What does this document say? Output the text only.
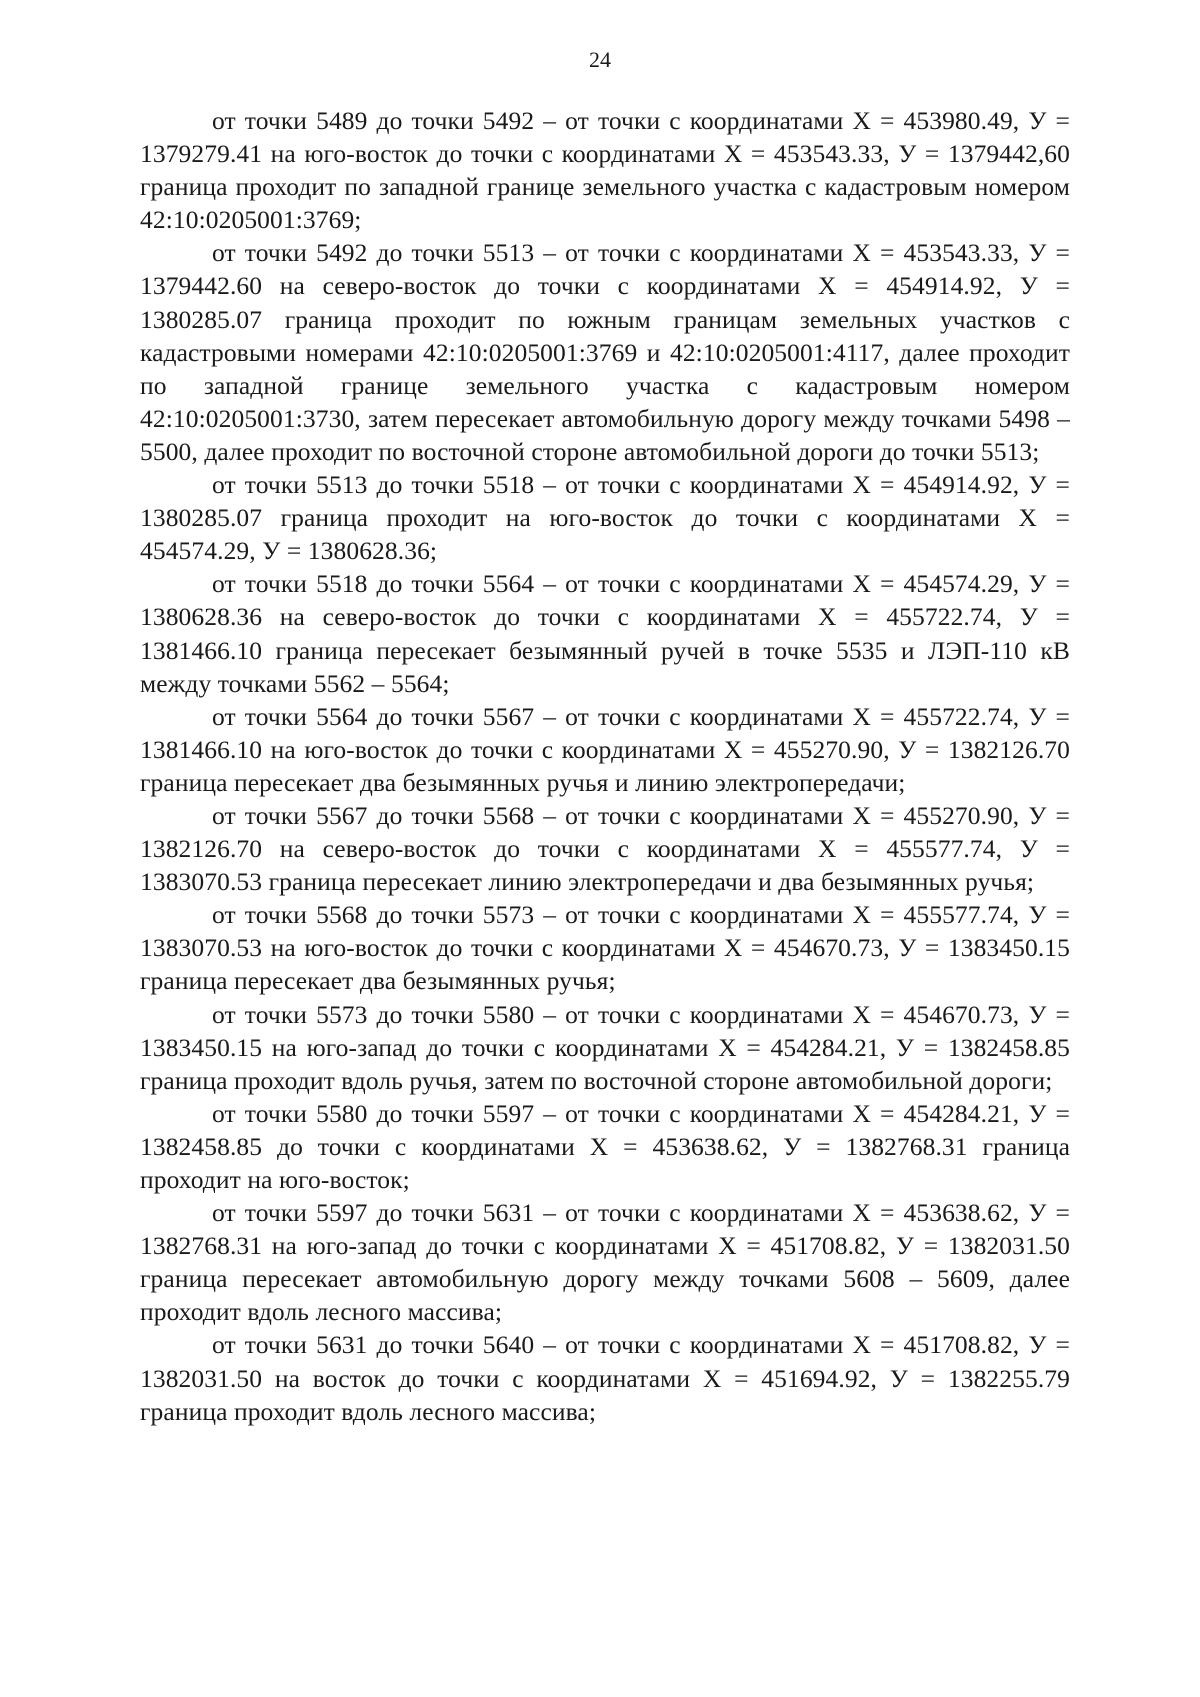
24

от точки 5489 до точки 5492 – от точки с координатами Х = 453980.49, У = 1379279.41 на юго-восток до точки с координатами Х = 453543.33, У = 1379442,60 граница проходит по западной границе земельного участка с кадастровым номером 42:10:0205001:3769;

от точки 5492 до точки 5513 – от точки с координатами Х = 453543.33, У = 1379442.60 на северо-восток до точки с координатами Х = 454914.92, У = 1380285.07 граница проходит по южным границам земельных участков с кадастровыми номерами 42:10:0205001:3769 и 42:10:0205001:4117, далее проходит по западной границе земельного участка с кадастровым номером 42:10:0205001:3730, затем пересекает автомобильную дорогу между точками 5498 – 5500, далее проходит по восточной стороне автомобильной дороги до точки 5513;

от точки 5513 до точки 5518 – от точки с координатами Х = 454914.92, У = 1380285.07 граница проходит на юго-восток до точки с координатами Х = 454574.29, У = 1380628.36;

от точки 5518 до точки 5564 – от точки с координатами Х = 454574.29, У = 1380628.36 на северо-восток до точки с координатами Х = 455722.74, У = 1381466.10 граница пересекает безымянный ручей в точке 5535 и ЛЭП-110 кВ между точками 5562 – 5564;

от точки 5564 до точки 5567 – от точки с координатами Х = 455722.74, У = 1381466.10 на юго-восток до точки с координатами Х = 455270.90, У = 1382126.70 граница пересекает два безымянных ручья и линию электропередачи;

от точки 5567 до точки 5568 – от точки с координатами Х = 455270.90, У = 1382126.70 на северо-восток до точки с координатами Х = 455577.74, У = 1383070.53 граница пересекает линию электропередачи и два безымянных ручья;

от точки 5568 до точки 5573 – от точки с координатами Х = 455577.74, У = 1383070.53 на юго-восток до точки с координатами Х = 454670.73, У = 1383450.15 граница пересекает два безымянных ручья;

от точки 5573 до точки 5580 – от точки с координатами Х = 454670.73, У = 1383450.15 на юго-запад до точки с координатами Х = 454284.21, У = 1382458.85 граница проходит вдоль ручья, затем по восточной стороне автомобильной дороги;

от точки 5580 до точки 5597 – от точки с координатами Х = 454284.21, У = 1382458.85 до точки с координатами Х = 453638.62, У = 1382768.31 граница проходит на юго-восток;

от точки 5597 до точки 5631 – от точки с координатами Х = 453638.62, У = 1382768.31 на юго-запад до точки с координатами Х = 451708.82, У = 1382031.50 граница пересекает автомобильную дорогу между точками 5608 – 5609, далее проходит вдоль лесного массива;

от точки 5631 до точки 5640 – от точки с координатами Х = 451708.82, У = 1382031.50 на восток до точки с координатами Х = 451694.92, У = 1382255.79 граница проходит вдоль лесного массива;
